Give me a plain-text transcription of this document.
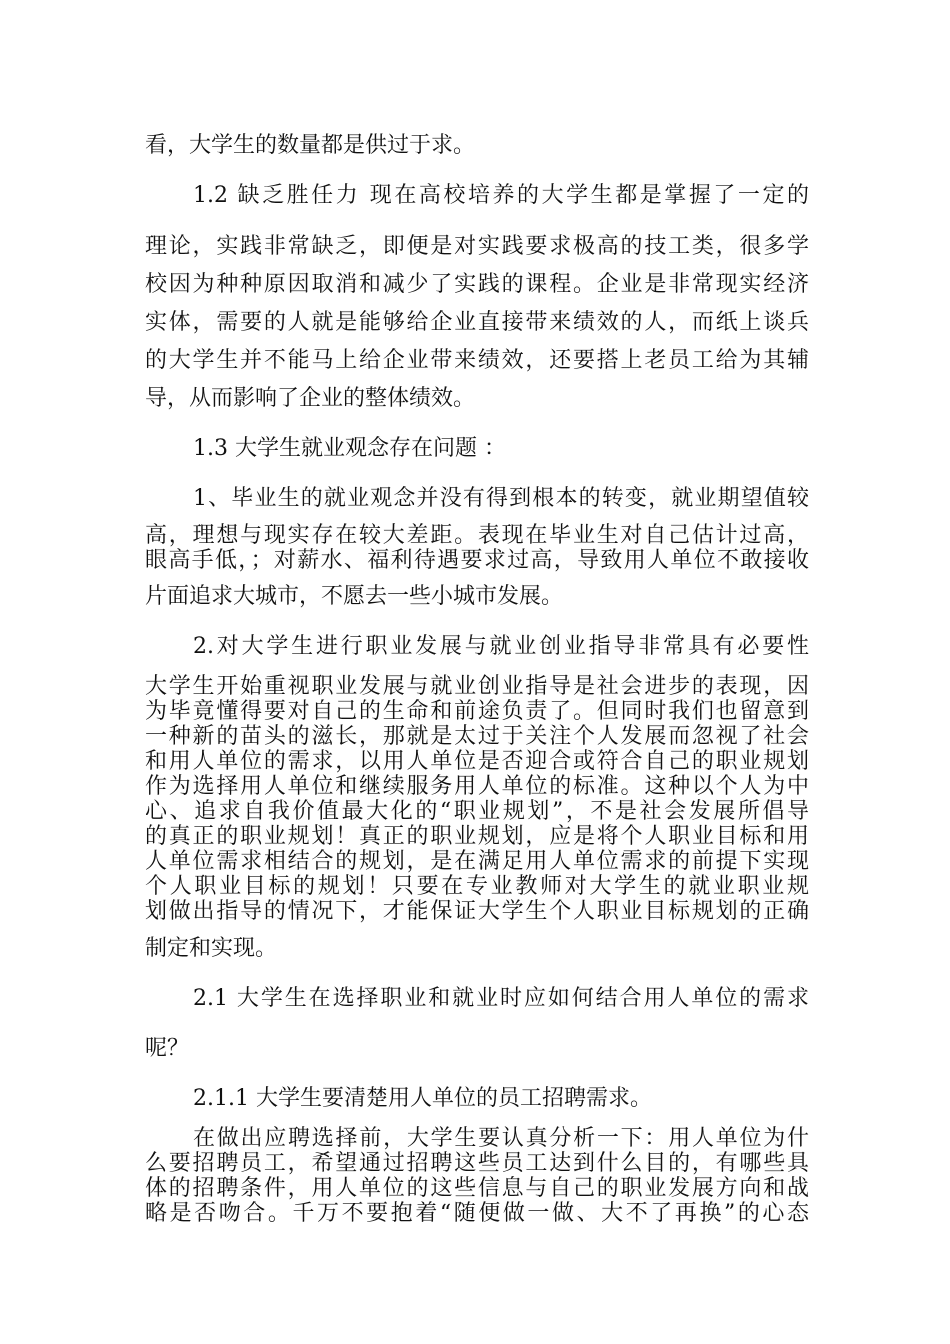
看，大学生的数量都是供过于求。
1.2 缺乏胜任力 现在高校培养的大学生都是掌握了一定的
理论，实践非常缺乏，即便是对实践要求极高的技工类，很多学
校因为种种原因取消和减少了实践的课程。企业是非常现实经济
实体，需要的人就是能够给企业直接带来绩效的人，而纸上谈兵
的大学生并不能马上给企业带来绩效，还要搭上老员工给为其辅
导，从而影响了企业的整体绩效。
1.3 大学生就业观念存在问题 ：
1、毕业生的就业观念并没有得到根本的转变，就业期望值较
高，理想与现实存在较大差距。表现在毕业生对自己估计过高，
眼高手低，；对薪水、福利待遇要求过高，导致用人单位不敢接收
片面追求大城市，不愿去一些小城市发展。
2.对大学生进行职业发展与就业创业指导非常具有必要性
大学生开始重视职业发展与就业创业指导是社会进步的表现，因
为毕竟懂得要对自己的生命和前途负责了。但同时我们也留意到
一种新的苗头的滋长，那就是太过于关注个人发展而忽视了社会
和用人单位的需求，以用人单位是否迎合或符合自己的职业规划
作为选择用人单位和继续服务用人单位的标准。这种以个人为中
心、追求自我价值最大化的“职业规划”，不是社会发展所倡导
的真正的职业规划！真正的职业规划，应是将个人职业目标和用
人单位需求相结合的规划，是在满足用人单位需求的前提下实现
个人职业目标的规划！只要在专业教师对大学生的就业职业规
划做出指导的情况下，才能保证大学生个人职业目标规划的正确
制定和实现。
2.1 大学生在选择职业和就业时应如何结合用人单位的需求
呢？
2.1.1 大学生要清楚用人单位的员工招聘需求。
在做出应聘选择前，大学生要认真分析一下：用人单位为什
么要招聘员工，希望通过招聘这些员工达到什么目的，有哪些具
体的招聘条件，用人单位的这些信息与自己的职业发展方向和战
略是否吻合。千万不要抱着“随便做一做、大不了再换”的心态
